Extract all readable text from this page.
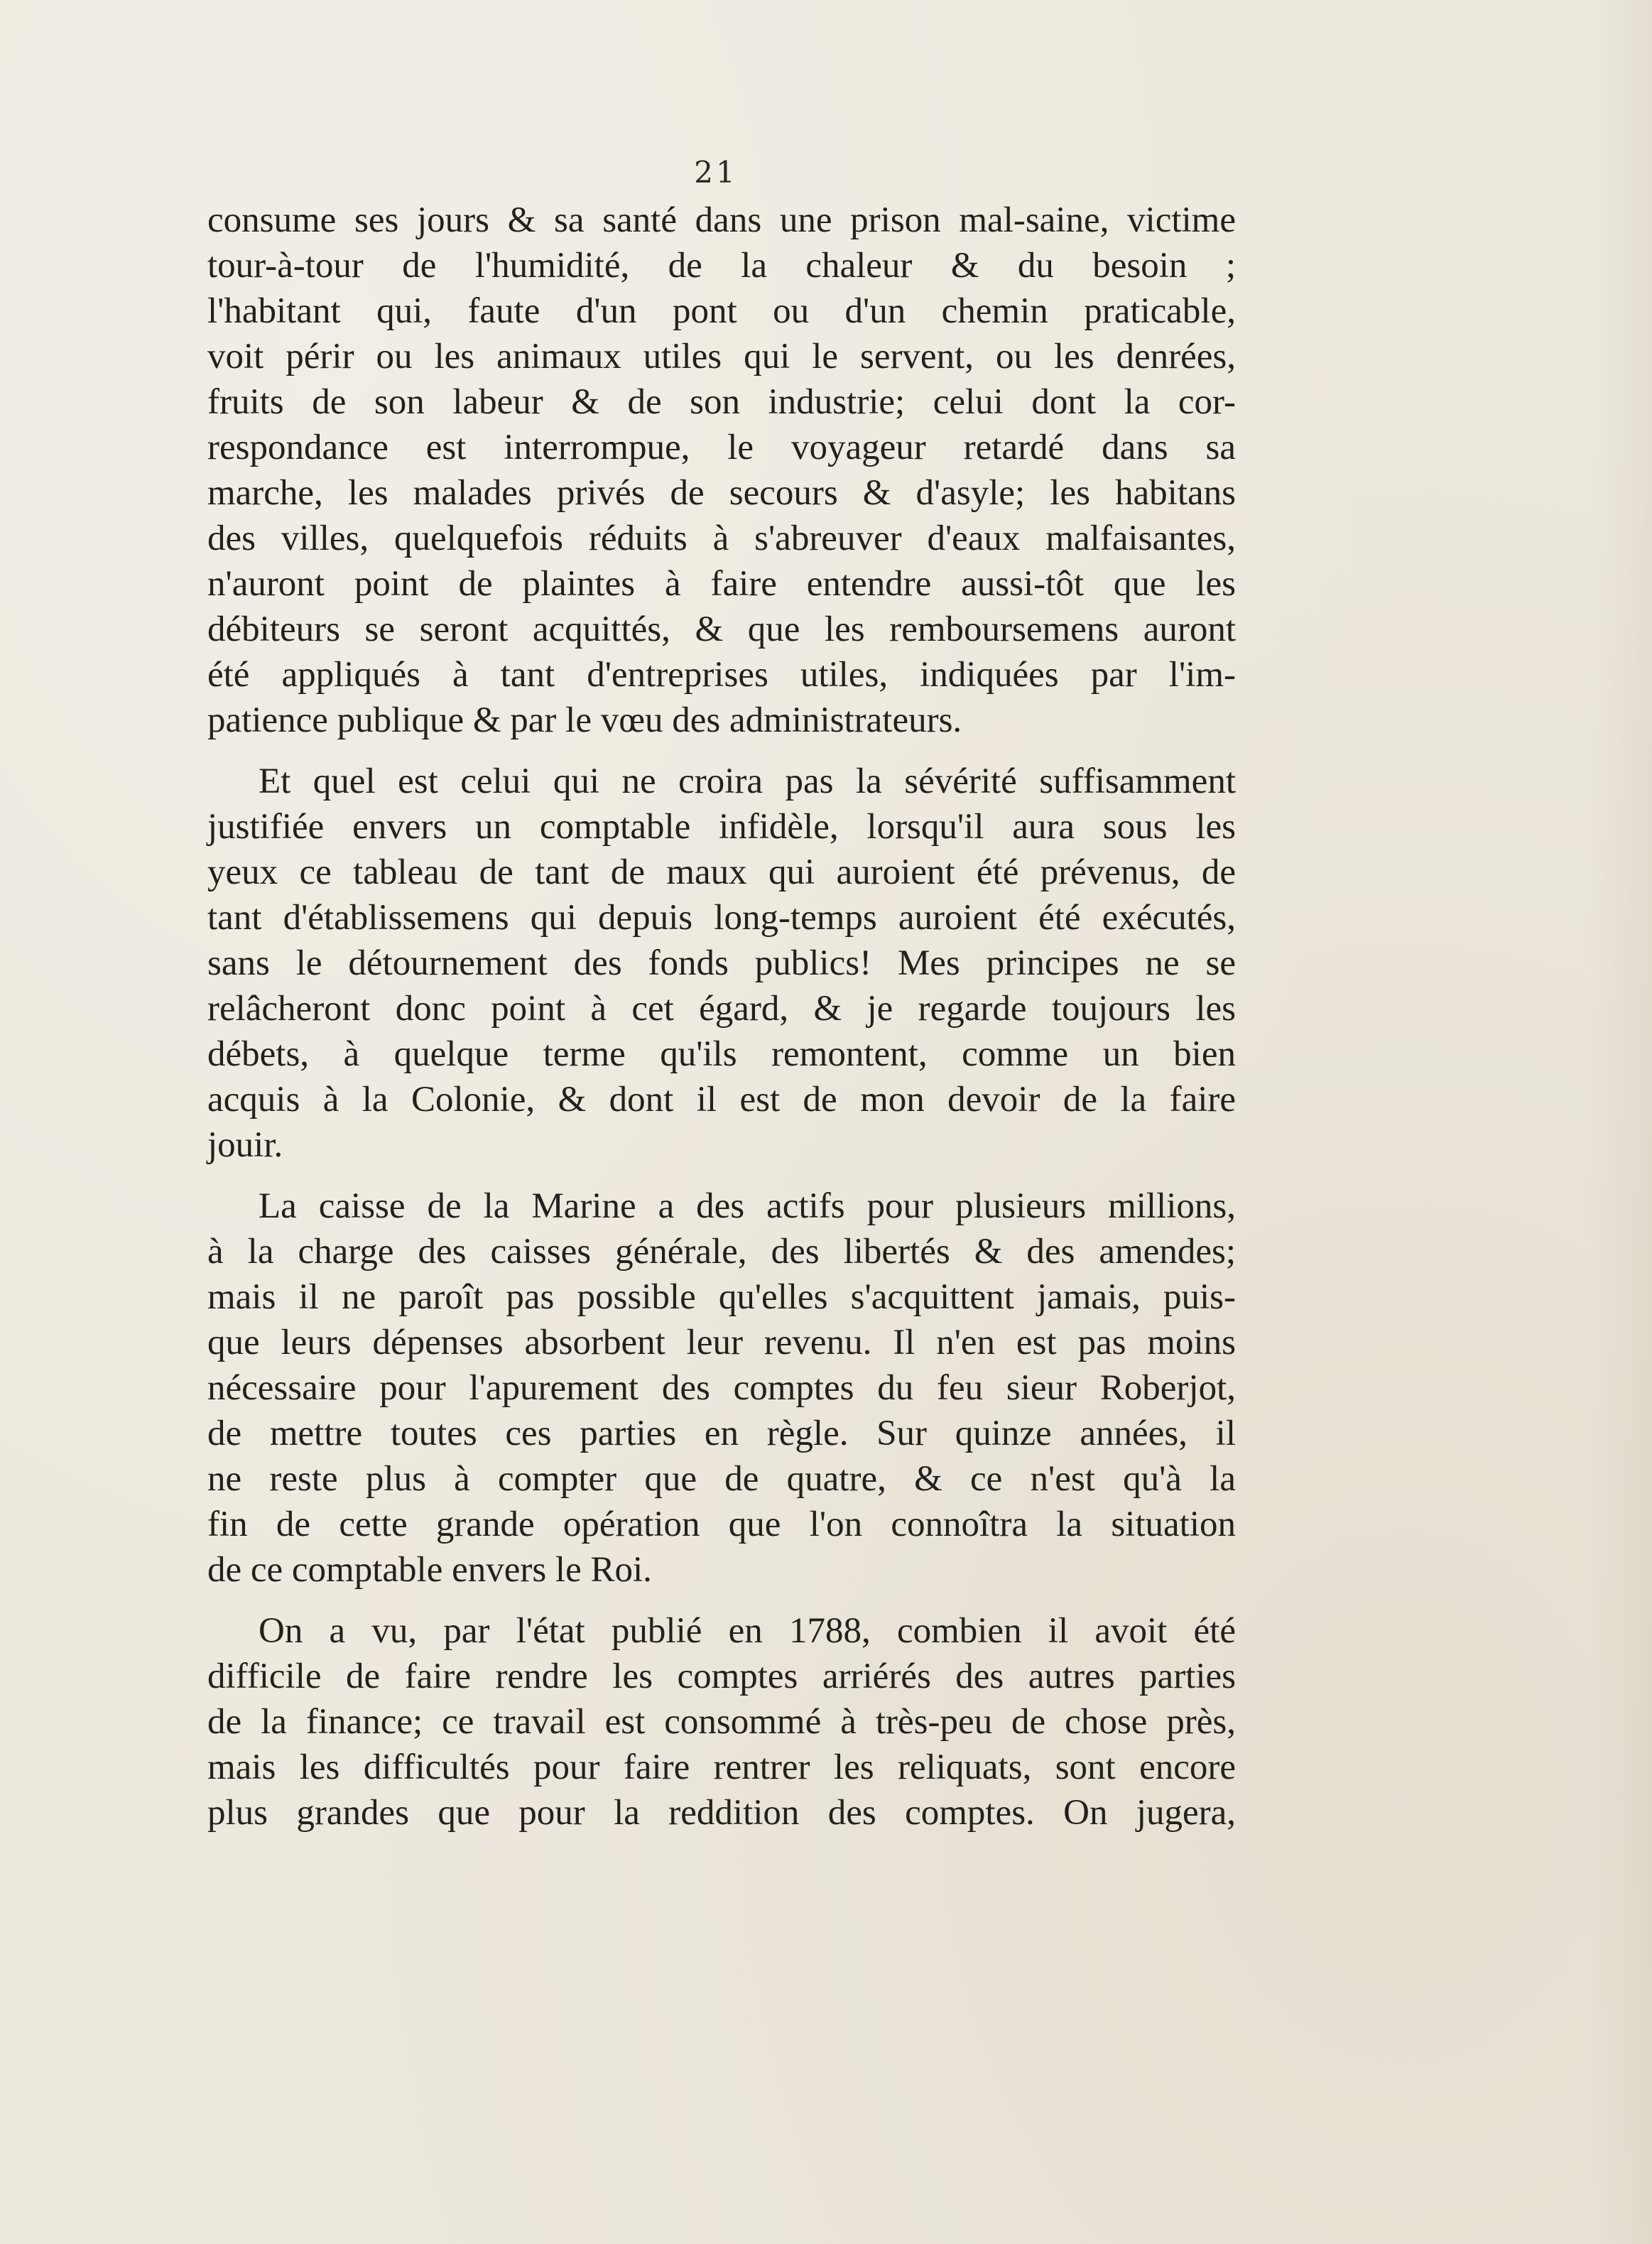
21
consume ses jours & sa santé dans une prison mal-saine, victime
tour-à-tour de l'humidité, de la chaleur & du besoin ;
l'habitant qui, faute d'un pont ou d'un chemin praticable,
voit périr ou les animaux utiles qui le servent, ou les denrées,
fruits de son labeur & de son industrie; celui dont la cor-
respondance est interrompue, le voyageur retardé dans sa
marche, les malades privés de secours & d'asyle; les habitans
des villes, quelquefois réduits à s'abreuver d'eaux malfaisantes,
n'auront point de plaintes à faire entendre aussi-tôt que les
débiteurs se seront acquittés, & que les remboursemens auront
été appliqués à tant d'entreprises utiles, indiquées par l'im-
patience publique & par le vœu des administrateurs.
Et quel est celui qui ne croira pas la sévérité suffisamment
justifiée envers un comptable infidèle, lorsqu'il aura sous les
yeux ce tableau de tant de maux qui auroient été prévenus, de
tant d'établissemens qui depuis long-temps auroient été exécutés,
sans le détournement des fonds publics! Mes principes ne se
relâcheront donc point à cet égard, & je regarde toujours les
débets, à quelque terme qu'ils remontent, comme un bien
acquis à la Colonie, & dont il est de mon devoir de la faire
jouir.
La caisse de la Marine a des actifs pour plusieurs millions,
à la charge des caisses générale, des libertés & des amendes;
mais il ne paroît pas possible qu'elles s'acquittent jamais, puis-
que leurs dépenses absorbent leur revenu. Il n'en est pas moins
nécessaire pour l'apurement des comptes du feu sieur Roberjot,
de mettre toutes ces parties en règle. Sur quinze années, il
ne reste plus à compter que de quatre, & ce n'est qu'à la
fin de cette grande opération que l'on connoîtra la situation
de ce comptable envers le Roi.
On a vu, par l'état publié en 1788, combien il avoit été
difficile de faire rendre les comptes arriérés des autres parties
de la finance; ce travail est consommé à très-peu de chose près,
mais les difficultés pour faire rentrer les reliquats, sont encore
plus grandes que pour la reddition des comptes. On jugera,
